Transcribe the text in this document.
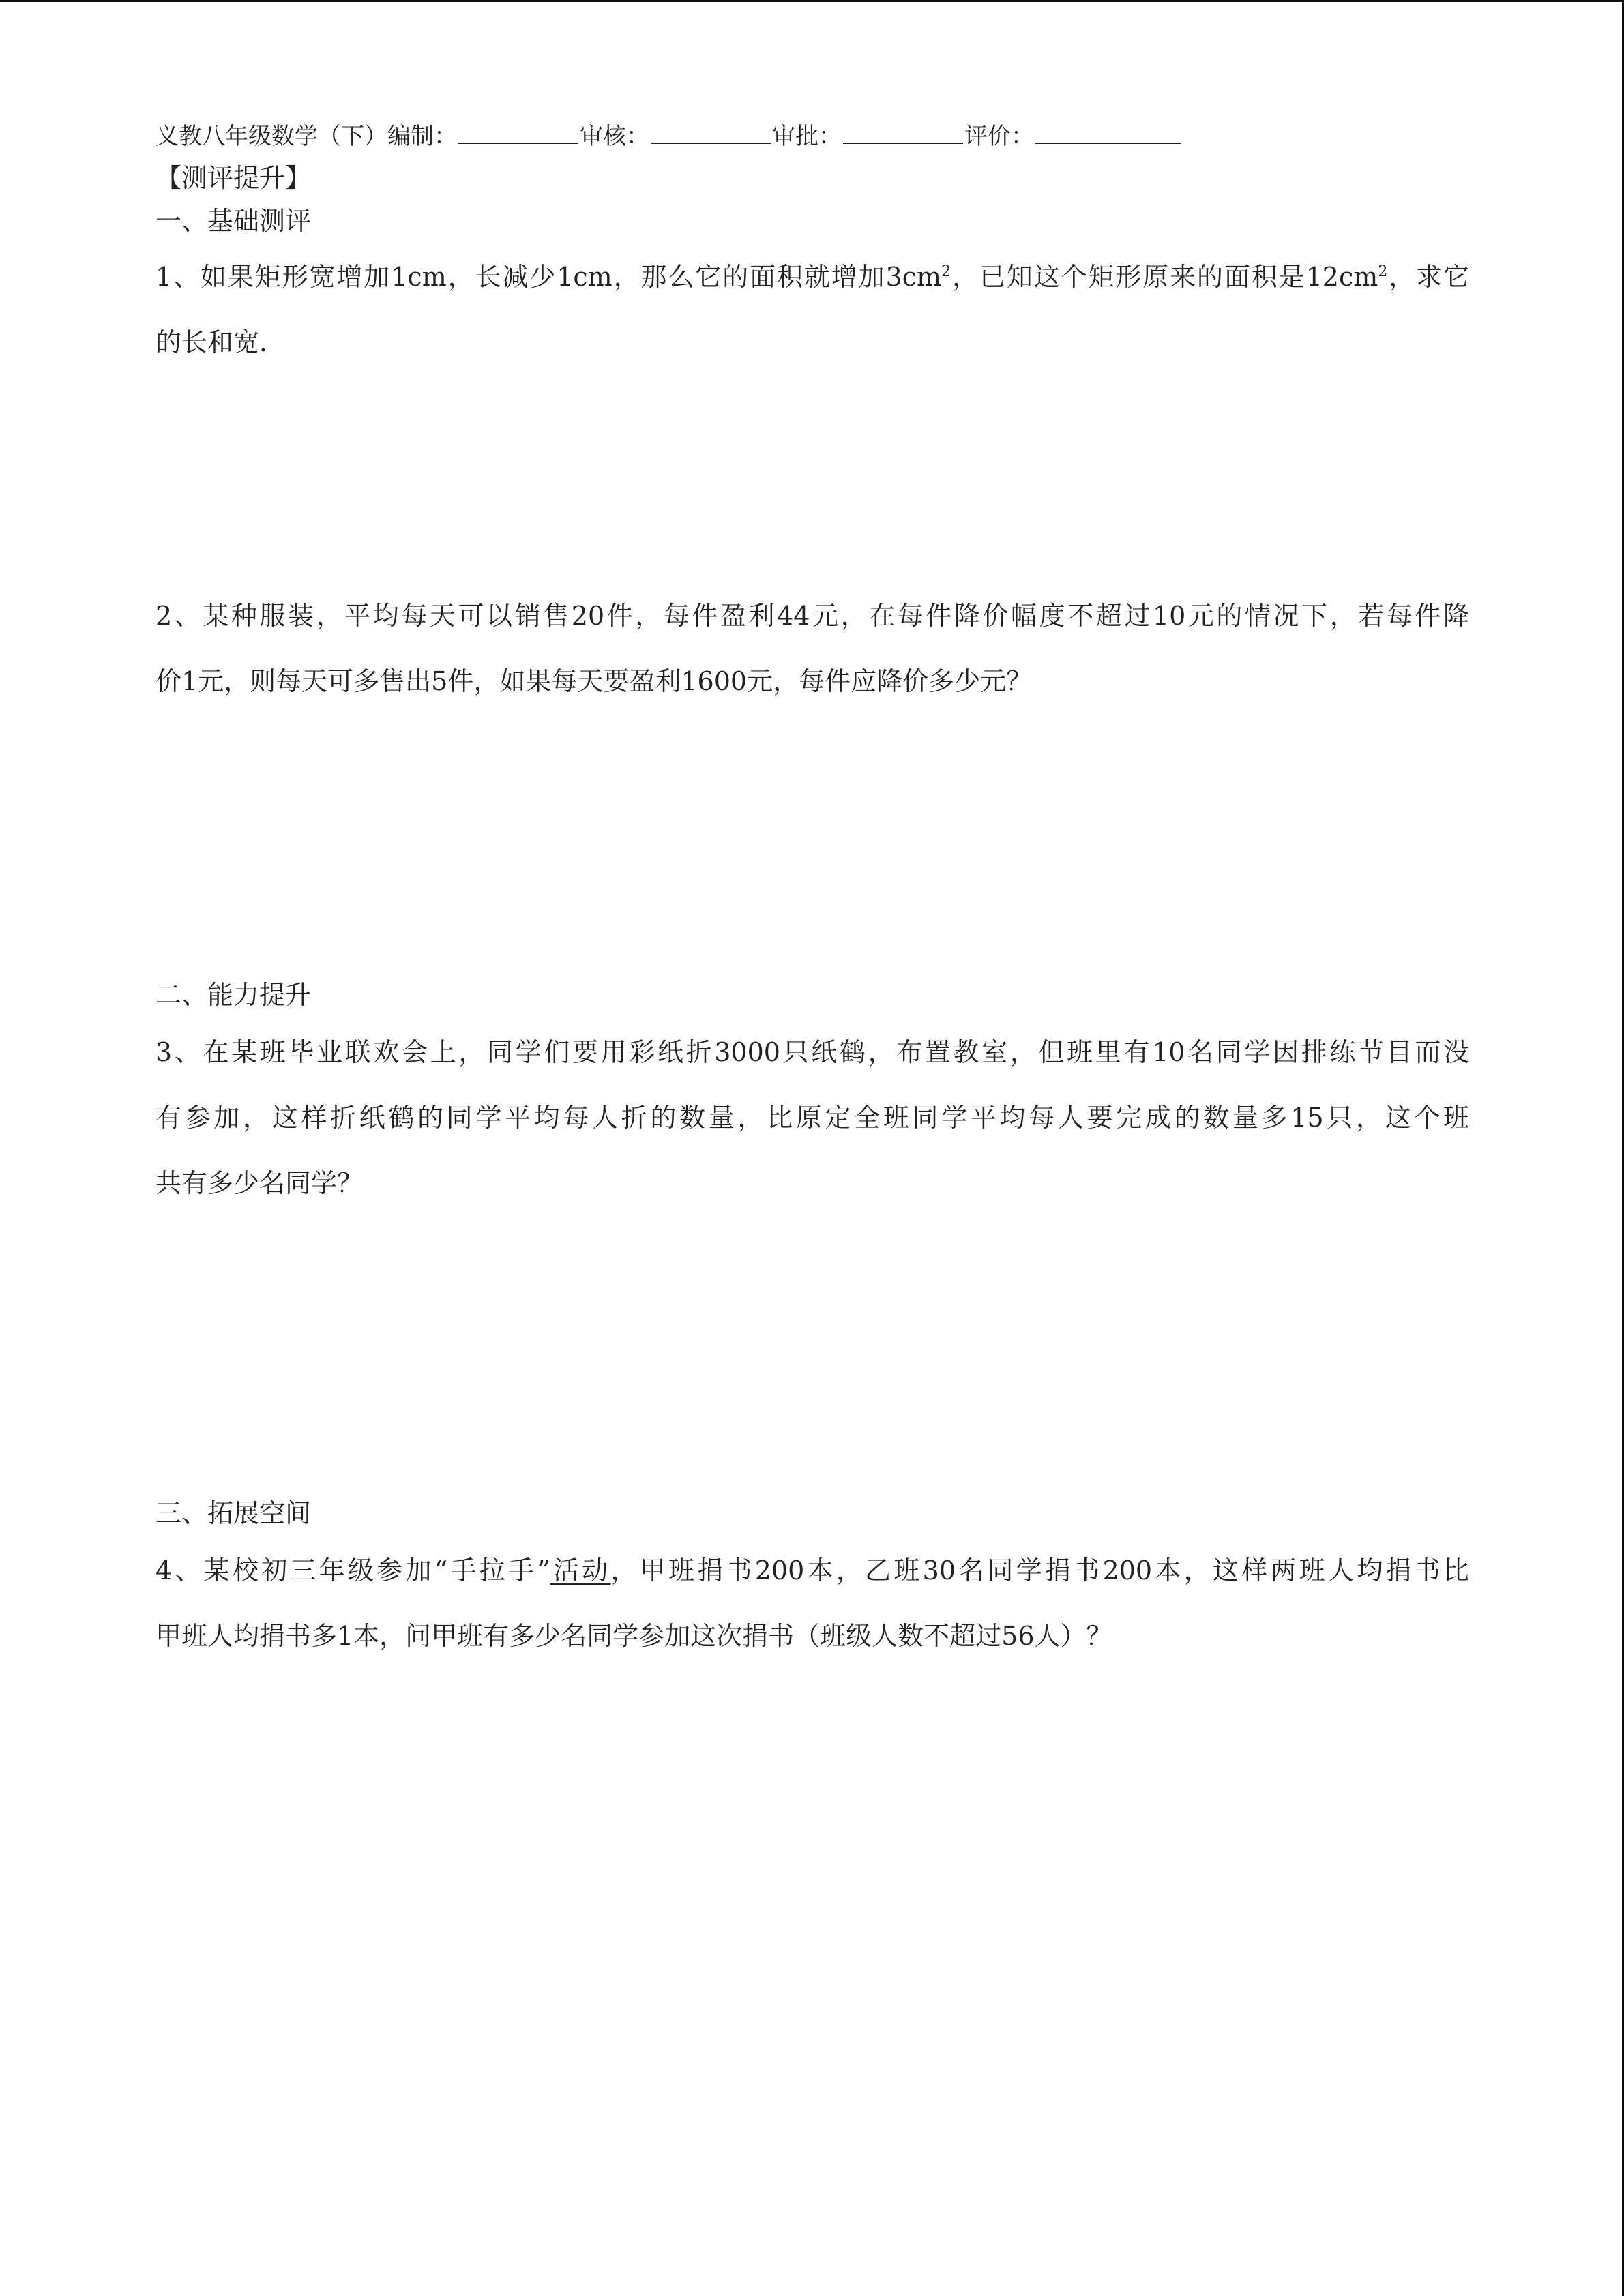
义教八年级数学（下）编制：	审核：	审批：	评价：
【测评提升】
一、基础测评
1、如果矩形宽增加1cm，长减少1cm，那么它的面积就增加$3cm^2$，已知这个矩形原来的面积是$12cm^2$，求它
的长和宽.
2、某种服装，平均每天可以销售20件，每件盈利44元，在每件降价幅度不超过10元的情况下，若每件降
价1元，则每天可多售出5件，如果每天要盈利1600元，每件应降价多少元？
二、能力提升
3、在某班毕业联欢会上，同学们要用彩纸折3000只纸鹤，布置教室，但班里有10名同学因排练节目而没
有参加，这样折纸鹤的同学平均每人折的数量，比原定全班同学平均每人要完成的数量多15只，这个班
共有多少名同学？
三、拓展空间
4、某校初三年级参加“手拉手”活动，甲班捐书200本，乙班30名同学捐书200本，这样两班人均捐书比
甲班人均捐书多1本，问甲班有多少名同学参加这次捐书（班级人数不超过56人）？
